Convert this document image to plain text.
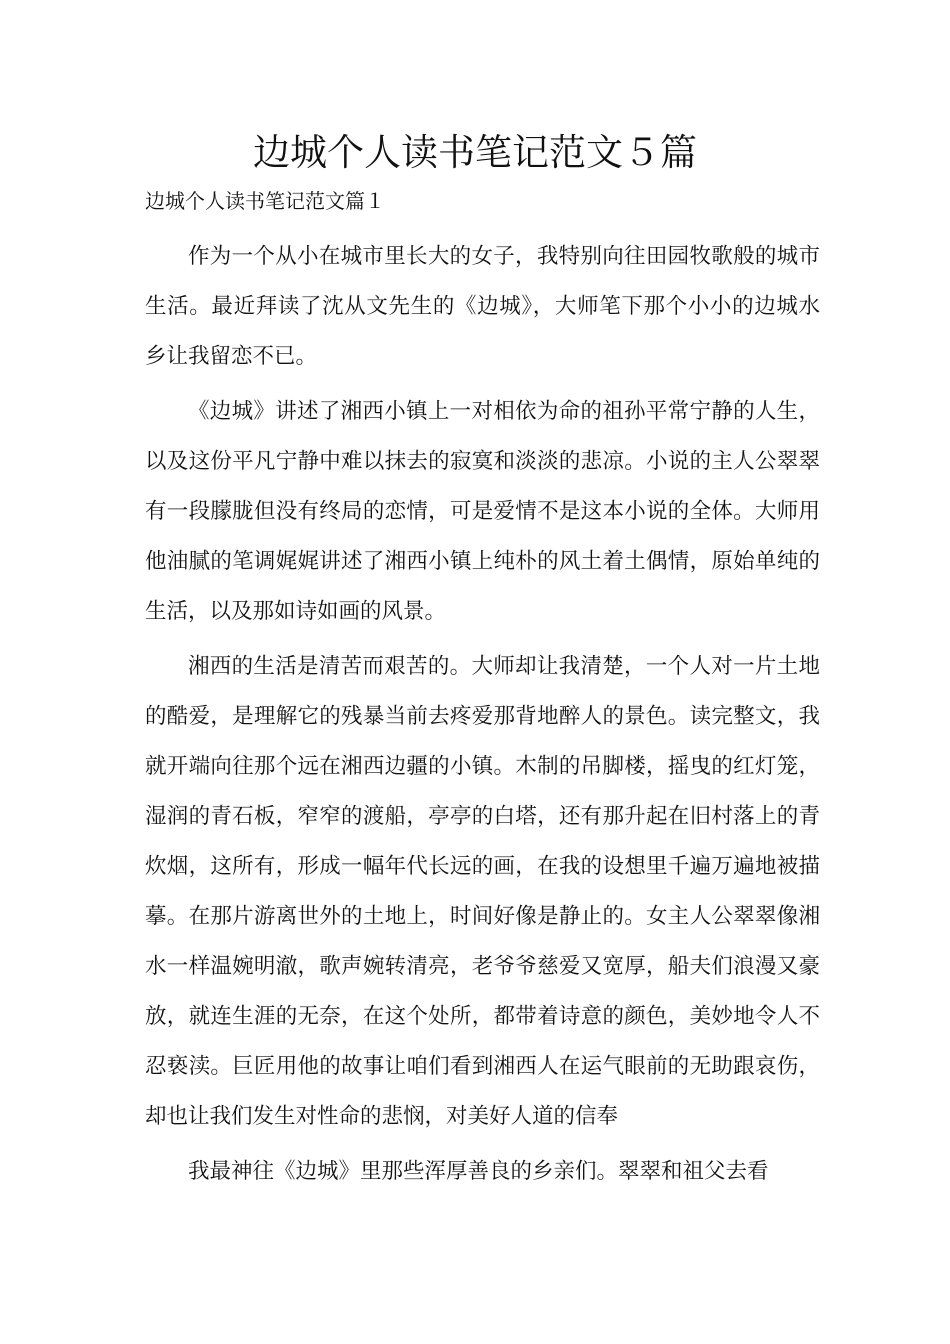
边城个人读书笔记范文５篇

边城个人读书笔记范文篇１

作为一个从小在城市里长大的女子，我特别向往田园牧歌般的城市生活。最近拜读了沈从文先生的《边城》，大师笔下那个小小的边城水乡让我留恋不已。

《边城》讲述了湘西小镇上一对相依为命的祖孙平常宁静的人生，以及这份平凡宁静中难以抹去的寂寞和淡淡的悲凉。小说的主人公翠翠有一段朦胧但没有终局的恋情，可是爱情不是这本小说的全体。大师用他油腻的笔调娓娓讲述了湘西小镇上纯朴的风土着土偶情，原始单纯的生活，以及那如诗如画的风景。

湘西的生活是清苦而艰苦的。大师却让我清楚，一个人对一片土地的酷爱，是理解它的残暴当前去疼爱那背地醉人的景色。读完整文，我就开端向往那个远在湘西边疆的小镇。木制的吊脚楼，摇曳的红灯笼，湿润的青石板，窄窄的渡船，亭亭的白塔，还有那升起在旧村落上的青炊烟，这所有，形成一幅年代长远的画，在我的设想里千遍万遍地被描摹。在那片游离世外的土地上，时间好像是静止的。女主人公翠翠像湘水一样温婉明澈，歌声婉转清亮，老爷爷慈爱又宽厚，船夫们浪漫又豪放，就连生涯的无奈，在这个处所，都带着诗意的颜色，美妙地令人不忍亵渎。巨匠用他的故事让咱们看到湘西人在运气眼前的无助跟哀伤，却也让我们发生对性命的悲悯，对美好人道的信奉

我最神往《边城》里那些浑厚善良的乡亲们。翠翠和祖父去看
